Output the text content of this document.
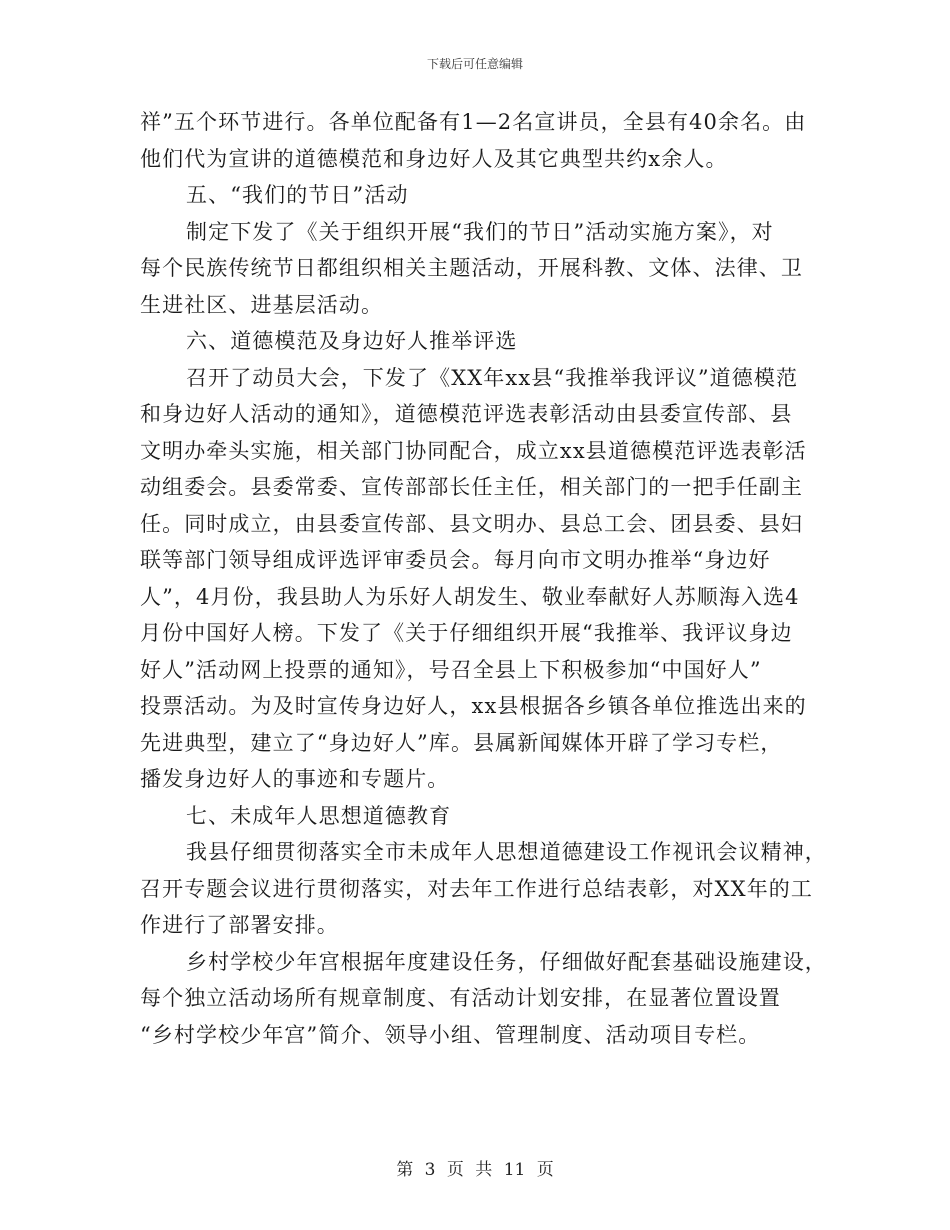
下载后可任意编辑
祥”五个环节进行。各单位配备有1—2名宣讲员，全县有40余名。由
他们代为宣讲的道德模范和身边好人及其它典型共约x余人。
五、“我们的节日”活动
制定下发了《关于组织开展“我们的节日”活动实施方案》，对
每个民族传统节日都组织相关主题活动，开展科教、文体、法律、卫
生进社区、进基层活动。
六、道德模范及身边好人推举评选
召开了动员大会，下发了《XX年xx县“我推举我评议”道德模范
和身边好人活动的通知》，道德模范评选表彰活动由县委宣传部、县
文明办牵头实施，相关部门协同配合，成立xx县道德模范评选表彰活
动组委会。县委常委、宣传部部长任主任，相关部门的一把手任副主
任。同时成立，由县委宣传部、县文明办、县总工会、团县委、县妇
联等部门领导组成评选评审委员会。每月向市文明办推举“身边好
人”，4月份，我县助人为乐好人胡发生、敬业奉献好人苏顺海入选4
月份中国好人榜。下发了《关于仔细组织开展“我推举、我评议身边
好人”活动网上投票的通知》，号召全县上下积极参加“中国好人”
投票活动。为及时宣传身边好人，xx县根据各乡镇各单位推选出来的
先进典型，建立了“身边好人”库。县属新闻媒体开辟了学习专栏，
播发身边好人的事迹和专题片。
七、未成年人思想道德教育
我县仔细贯彻落实全市未成年人思想道德建设工作视讯会议精神，
召开专题会议进行贯彻落实，对去年工作进行总结表彰，对XX年的工
作进行了部署安排。
乡村学校少年宫根据年度建设任务，仔细做好配套基础设施建设，
每个独立活动场所有规章制度、有活动计划安排，在显著位置设置
“乡村学校少年宫”简介、领导小组、管理制度、活动项目专栏。
第 3 页 共 11 页
